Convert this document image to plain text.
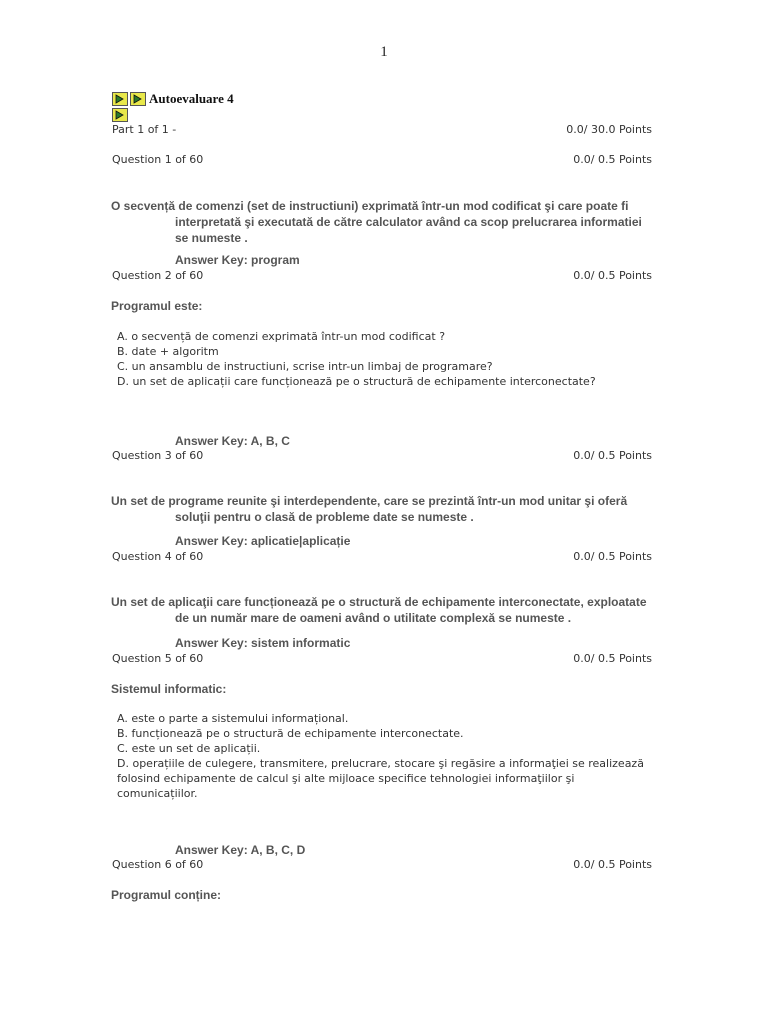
1
Autoevaluare 4
Part 1 of 1 -	0.0/ 30.0 Points
Question 1 of 60	0.0/ 0.5 Points
O secvență de comenzi (set de instructiuni) exprimată într-un mod codificat şi care poate fi
interpretată şi executată de către calculator având ca scop prelucrarea informatiei
se numeste .
Answer Key: program
Question 2 of 60	0.0/ 0.5 Points
Programul este:
A. o secvență de comenzi exprimată într-un mod codificat ?
B. date + algoritm
C. un ansamblu de instructiuni, scrise intr-un limbaj de programare?
D. un set de aplicații care funcționează pe o structură de echipamente interconectate?
Answer Key: A, B, C
Question 3 of 60	0.0/ 0.5 Points
Un set de programe reunite şi interdependente, care se prezintă într-un mod unitar şi oferă
soluţii pentru o clasă de probleme date se numeste .
Answer Key: aplicatie|aplicație
Question 4 of 60	0.0/ 0.5 Points
Un set de aplicaţii care funcționează pe o structură de echipamente interconectate, exploatate
de un număr mare de oameni având o utilitate complexă se numeste .
Answer Key: sistem informatic
Question 5 of 60	0.0/ 0.5 Points
Sistemul informatic:
A. este o parte a sistemului informațional.
B. funcționează pe o structură de echipamente interconectate.
C. este un set de aplicații.
D. operațiile de culegere, transmitere, prelucrare, stocare şi regăsire a informaţiei se realizează
folosind echipamente de calcul şi alte mijloace specifice tehnologiei informaţiilor şi
comunicațiilor.
Answer Key: A, B, C, D
Question 6 of 60	0.0/ 0.5 Points
Programul conține:
